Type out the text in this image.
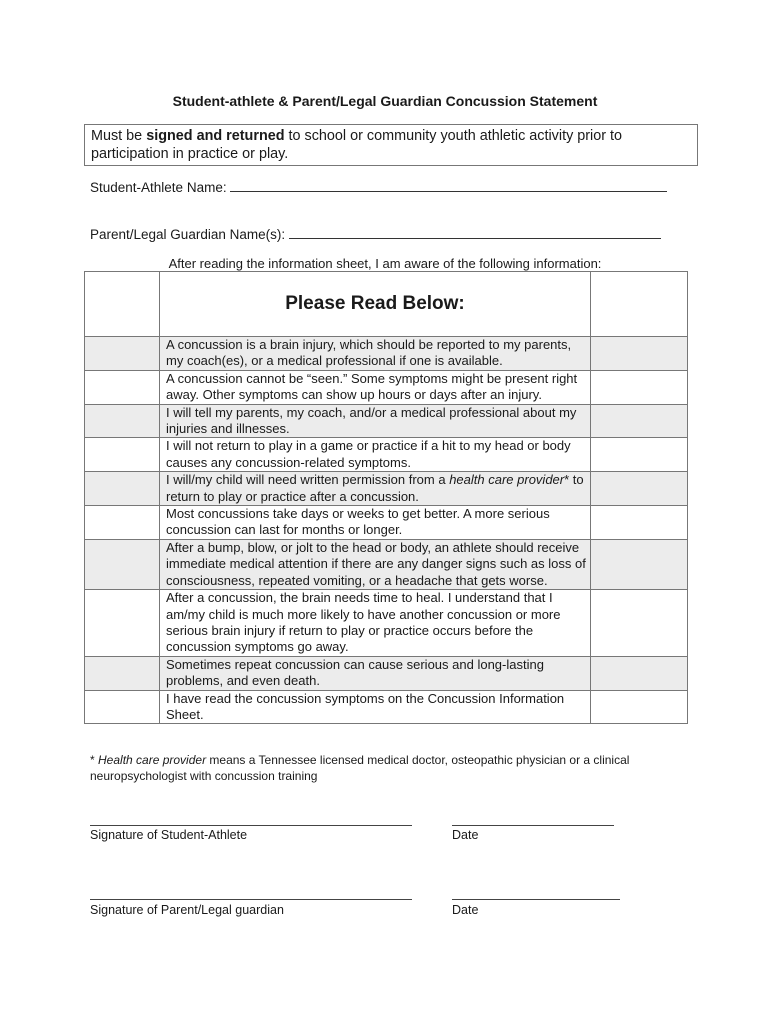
Student-athlete & Parent/Legal Guardian Concussion Statement
Must be signed and returned to school or community youth athletic activity prior to participation in practice or play.
Student-Athlete Name:
Parent/Legal Guardian Name(s):
After reading the information sheet, I am aware of the following information:
	Please Read Below:	
	A concussion is a brain injury, which should be reported to my parents, my coach(es), or a medical professional if one is available.	
	A concussion cannot be “seen.” Some symptoms might be present right away. Other symptoms can show up hours or days after an injury.	
	I will tell my parents, my coach, and/or a medical professional about my injuries and illnesses.	
	I will not return to play in a game or practice if a hit to my head or body causes any concussion-related symptoms.	
	I will/my child will need written permission from a health care provider* to return to play or practice after a concussion.	
	Most concussions take days or weeks to get better. A more serious concussion can last for months or longer.	
	After a bump, blow, or jolt to the head or body, an athlete should receive immediate medical attention if there are any danger signs such as loss of consciousness, repeated vomiting, or a headache that gets worse.	
	After a concussion, the brain needs time to heal. I understand that I am/my child is much more likely to have another concussion or more serious brain injury if return to play or practice occurs before the concussion symptoms go away.	
	Sometimes repeat concussion can cause serious and long-lasting problems, and even death.	
	I have read the concussion symptoms on the Concussion Information Sheet.	
* Health care provider means a Tennessee licensed medical doctor, osteopathic physician or a clinical neuropsychologist with concussion training
Signature of Student-Athlete	Date
Signature of Parent/Legal guardian	Date
